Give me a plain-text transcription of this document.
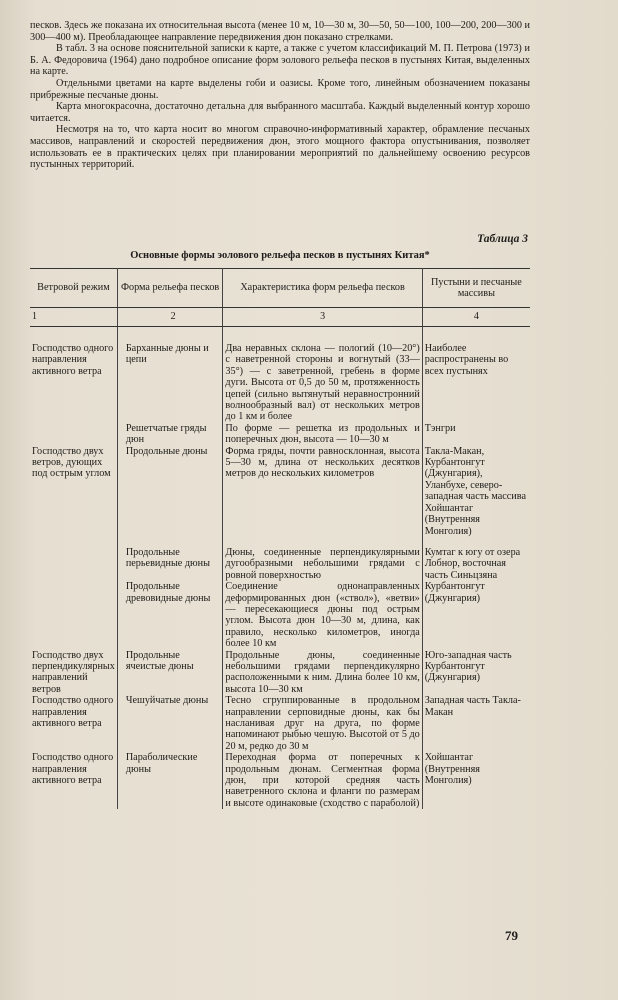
песков. Здесь же показана их относительная высота (менее 10 м, 10—30 м, 30—50, 50—100, 100—200, 200—300 и 300—400 м). Преобладающее направление передвижения дюн показано стрелками.

В табл. 3 на основе пояснительной записки к карте, а также с учетом классификаций М. П. Петрова (1973) и Б. А. Федоровича (1964) дано подробное описание форм эолового рельефа песков в пустынях Китая, выделенных на карте.

Отдельными цветами на карте выделены гоби и оазисы. Кроме того, линейным обозначением показаны прибрежные песчаные дюны.

Карта многокрасочна, достаточно детальна для выбранного масштаба. Каждый выделенный контур хорошо читается.

Несмотря на то, что карта носит во многом справочно-информативный характер, обрамление песчаных массивов, направлений и скоростей передвижения дюн, этого мощного фактора опустынивания, позволяет использовать ее в практических целях при планировании мероприятий по дальнейшему освоению ресурсов пустынных территорий.

Таблица 3
Основные формы эолового рельефа песков в пустынях Китая*
Ветровой режим	Форма рельефа песков	Характеристика форм рельефа песков	Пустыни и песчаные массивы
1	2	3	4

Господство одного направления активного ветра	Барханные дюны и цепи	Два неравных склона — пологий (10—20°) с наветренной стороны и вогнутый (33—35°) — с заветренной, гребень в форме дуги. Высота от 0,5 до 50 м, протяженность цепей (сильно вытянутый неравностронний волнообразный вал) от нескольких метров до 1 км и более	Наиболее распространены во всех пустынях
	Решетчатые гряды дюн	По форме — решетка из продольных и поперечных дюн, высота — 10—30 м	Тэнгри
Господство двух ветров, дующих под острым углом	Продольные дюны	Форма гряды, почти равносклонная, высота 5—30 м, длина от нескольких десятков метров до нескольких километров	Такла-Макан, Курбантонгут (Джунгария), Уланбухе, северо-западная часть массива Хойшантаг (Внутренняя Монголия)

	Продольные перьевидные дюны	Дюны, соединенные перпендикулярными дугообразными небольшими грядами с ровной поверхностью	Кумтаг к югу от озера Лобнор, восточная часть Синьцзяна
	Продольные древовидные дюны	Соединение однонаправленных деформированных дюн («ствол»), «ветви» — пересекающиеся дюны под острым углом. Высота дюн 10—30 м, длина, как правило, несколько километров, иногда более 10 км	Курбантонгут (Джунгария)
Господство двух перпендикулярных направлений ветров	Продольные ячеистые дюны	Продольные дюны, соединенные небольшими грядами перпендикулярно расположенными к ним. Длина более 10 км, высота 10—30 км	Юго-западная часть Курбантонгут (Джунгария)
Господство одного направления активного ветра	Чешуйчатые дюны	Тесно сгруппированные в продольном направлении серповидные дюны, как бы насланивая друг на друга, по форме напоминают рыбью чешую. Высотой от 5 до 20 м, редко до 30 м	Западная часть Такла-Макан
Господство одного направления активного ветра	Параболические дюны	Переходная форма от поперечных к продольным дюнам. Сегментная форма дюн, при которой средняя часть наветренного склона и фланги по размерам и высоте одинаковые (сходство с параболой)	Хойшантаг (Внутренняя Монголия)
79
